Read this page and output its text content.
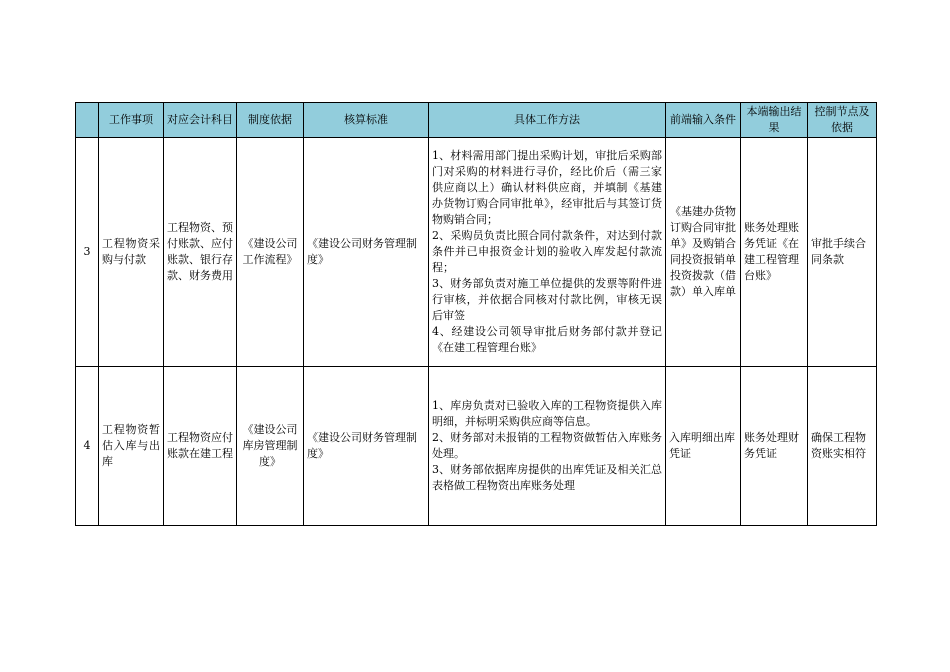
	工作事项	对应会计科目	制度依据	核算标准	具体工作方法	前端输入条件	本端输出结果	控制节点及依据
3	工程物资采购与付款	工程物资、预付账款、应付账款、银行存款、财务费用	《建设公司工作流程》	《建设公司财务管理制度》	1、材料需用部门提出采购计划，审批后采购部门对采购的材料进行寻价，经比价后（需三家供应商以上）确认材料供应商，并填制《基建办货物订购合同审批单》，经审批后与其签订货物购销合同；
2、采购员负责比照合同付款条件，对达到付款条件并已申报资金计划的验收入库发起付款流程；
3、财务部负责对施工单位提供的发票等附件进行审核，并依据合同核对付款比例，审核无误后审签
4、经建设公司领导审批后财务部付款并登记《在建工程管理台账》	《基建办货物订购合同审批单》及购销合同投资报销单投资拨款（借款）单入库单	账务处理账务凭证《在建工程管理台账》	审批手续合同条款
4	工程物资暂估入库与出库	工程物资应付账款在建工程	《建设公司库房管理制度》	《建设公司财务管理制度》	1、库房负责对已验收入库的工程物资提供入库明细，并标明采购供应商等信息。
2、财务部对未报销的工程物资做暂估入库账务处理。
3、财务部依据库房提供的出库凭证及相关汇总表格做工程物资出库账务处理	入库明细出库凭证	账务处理财务凭证	确保工程物资账实相符
